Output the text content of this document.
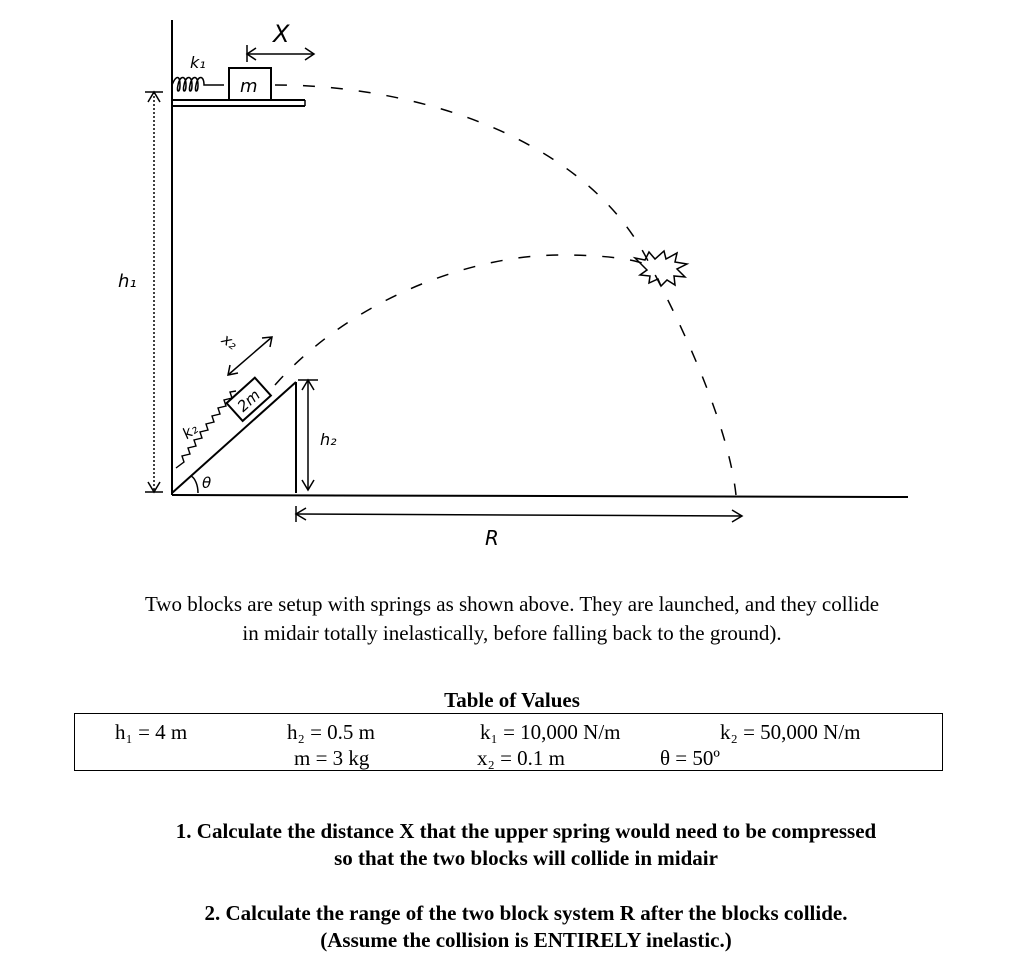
m
k₁
X
h₁
θ
k₂
2m
x₂
h₂
R
Two blocks are setup with springs as shown above. They are launched, and they collide
in midair totally inelastically, before falling back to the ground).
Table of Values
h₁ = 4 m	h₂ = 0.5 m
m = 3 kg
k₁ = 10,000 N/m
x₂ = 0.1 m
k₂ = 50,000 N/m
θ = 50º
1. Calculate the distance X that the upper spring would need to be compressed
so that the two blocks will collide in midair
2. Calculate the range of the two block system R after the blocks collide.
(Assume the collision is ENTIRELY inelastic.)
